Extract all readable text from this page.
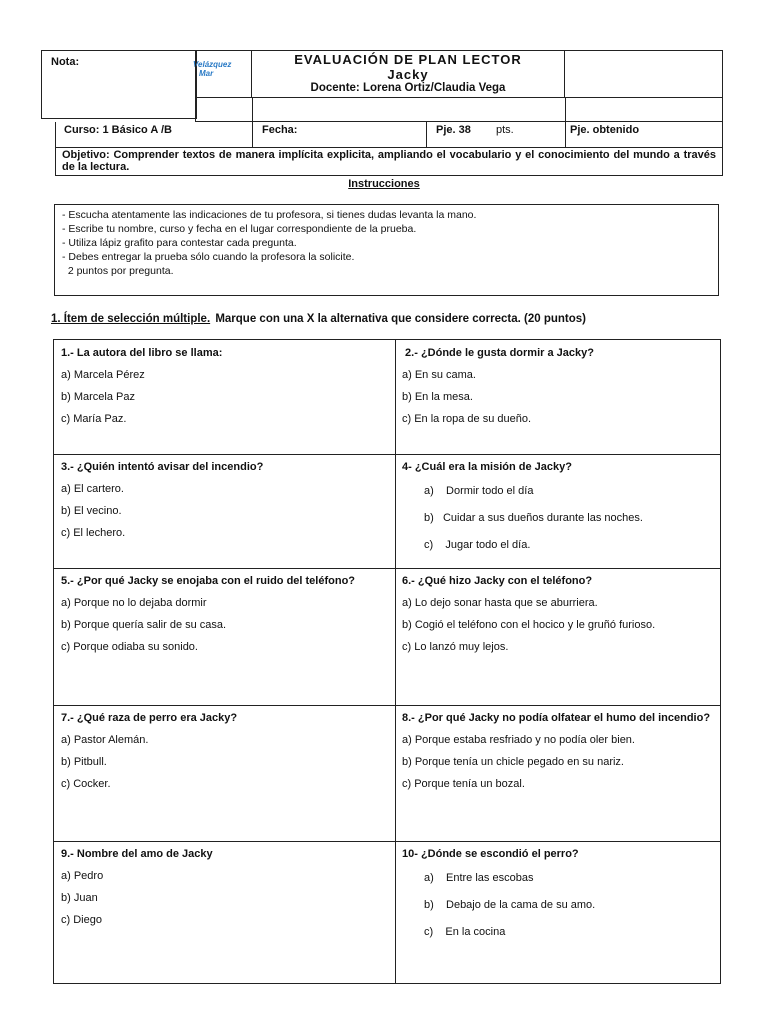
Nota:	Velázquez
Mar
EVALUACIÓN DE PLAN LECTOR
Jacky
Docente: Lorena Ortiz/Claudia Vega
Curso: 1 Básico A /B	Fecha:	Pje. 38 pts.	Pje. obtenido
Objetivo: Comprender textos de manera implícita explicita, ampliando el vocabulario y el conocimiento del mundo a través de la lectura.
Instrucciones
- Escucha atentamente las indicaciones de tu profesora, si tienes dudas levanta la mano.
- Escribe tu nombre, curso y fecha en el lugar correspondiente de la prueba.
- Utiliza lápiz grafito para contestar cada pregunta.
- Debes entregar la prueba sólo cuando la profesora la solicite.
2 puntos por pregunta.
1. Ítem de selección múltiple. Marque con una X la alternativa que considere correcta. (20 puntos)
1.- La autora del libro se llama:
a) Marcela Pérez
b) Marcela Paz
c) María Paz.
2.- ¿Dónde le gusta dormir a Jacky?
a) En su cama.
b) En la mesa.
c) En la ropa de su dueño.
3.- ¿Quién intentó avisar del incendio?
a) El cartero.
b) El vecino.
c) El lechero.
4- ¿Cuál era la misión de Jacky?
a)    Dormir todo el día
b)   Cuidar a sus dueños durante las noches.
c)    Jugar todo el día.
5.- ¿Por qué Jacky se enojaba con el ruido del teléfono?
a) Porque no lo dejaba dormir
b) Porque quería salir de su casa.
c) Porque odiaba su sonido.
6.- ¿Qué hizo Jacky con el teléfono?
a) Lo dejo sonar hasta que se aburriera.
b) Cogió el teléfono con el hocico y le gruñó furioso.
c) Lo lanzó muy lejos.
7.- ¿Qué raza de perro era Jacky?
a) Pastor Alemán.
b) Pitbull.
c) Cocker.
8.- ¿Por qué Jacky no podía olfatear el humo del incendio?
a) Porque estaba resfriado y no podía oler bien.
b) Porque tenía un chicle pegado en su nariz.
c) Porque tenía un bozal.
9.- Nombre del amo de Jacky
a) Pedro
b) Juan
c) Diego
10- ¿Dónde se escondió el perro?
a)    Entre las escobas
b)    Debajo de la cama de su amo.
c)    En la cocina
